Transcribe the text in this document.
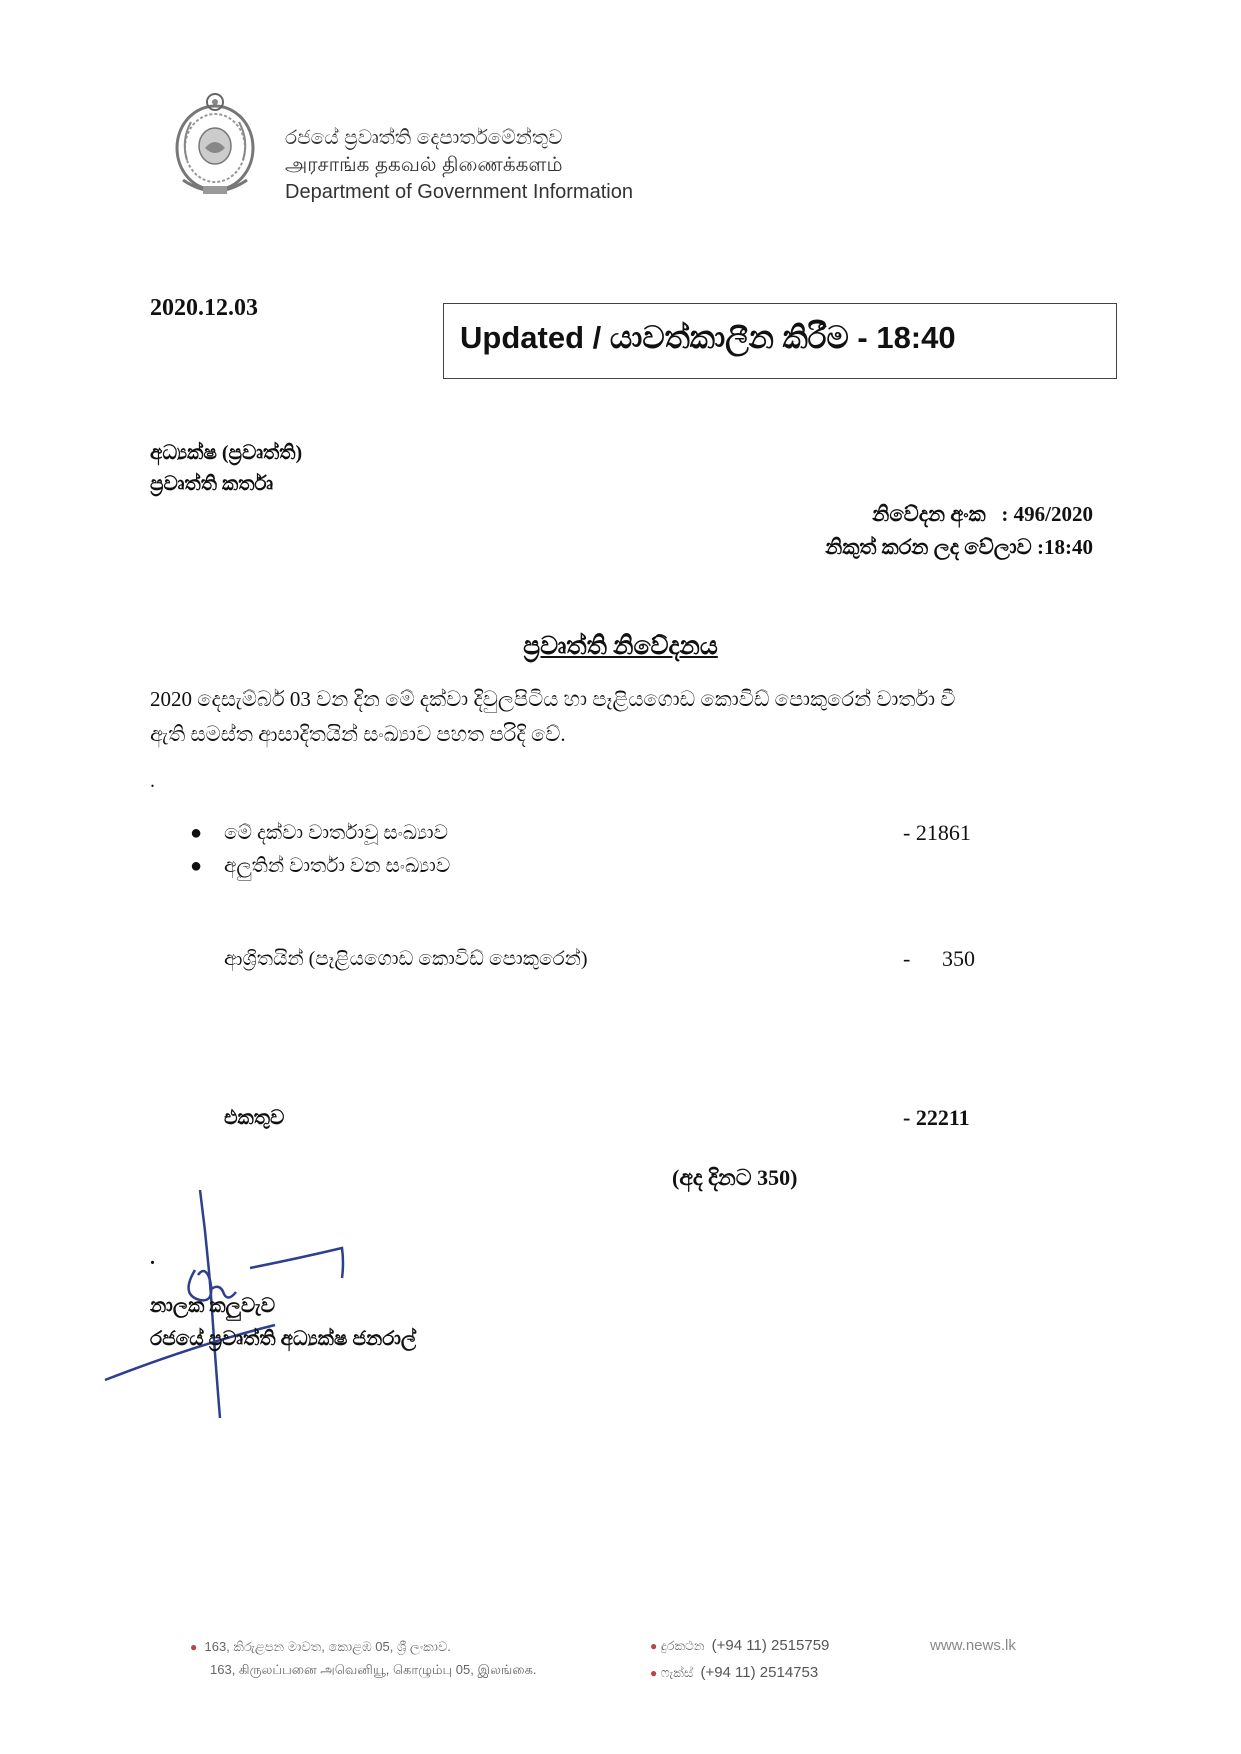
රජයේ ප්‍රවෘත්ති දෙපාර්තමේන්තුව
அரசாங்க தகவல் திணைக்களம்
Department of Government Information
2020.12.03
Updated / යාවත්කාලීන කිරීම - 18:40
අධ්‍යක්ෂ (ප්‍රවෘත්ති)
ප්‍රවෘත්ති කර්තෘ
නිවේදන අංක : 496/2020
නිකුත් කරන ලද වේලාව :18:40
ප්‍රවෘත්ති නිවේදනය
2020 දෙසැම්බර් 03 වන දින මේ දක්වා දිවුලපිටිය හා පෑළියගොඩ කොවිඩ් පොකුරෙන් වාර්තා වී
ඇති සමස්ත ආසාදිතයින් සංඛ්‍යාව පහත පරිදි වේ.
.
● මේ දක්වා වාර්තාවූ සංඛ්‍යාව	- 21861
● අලුතින් වාර්තා වන සංඛ්‍යාව
ආශ්‍රිතයින් (පෑළියගොඩ කොවිඩ් පොකුරෙන්)	- 350
එකතුව	- 22211
(අද දිනට 350)
.
නාලක කලුවැව
රජයේ ප්‍රවෘත්ති අධ්‍යක්ෂ ජනරාල්
● 163, කිරුළපන මාවත, කොළඹ 05, ශ්‍රී ලංකාව.
163, கிருலப்பனை அவெனியூ, கொழும்பு 05, இலங்கை.
● දුරකථන (+94 11) 2515759
● ෆැක්ස් (+94 11) 2514753
www.news.lk
